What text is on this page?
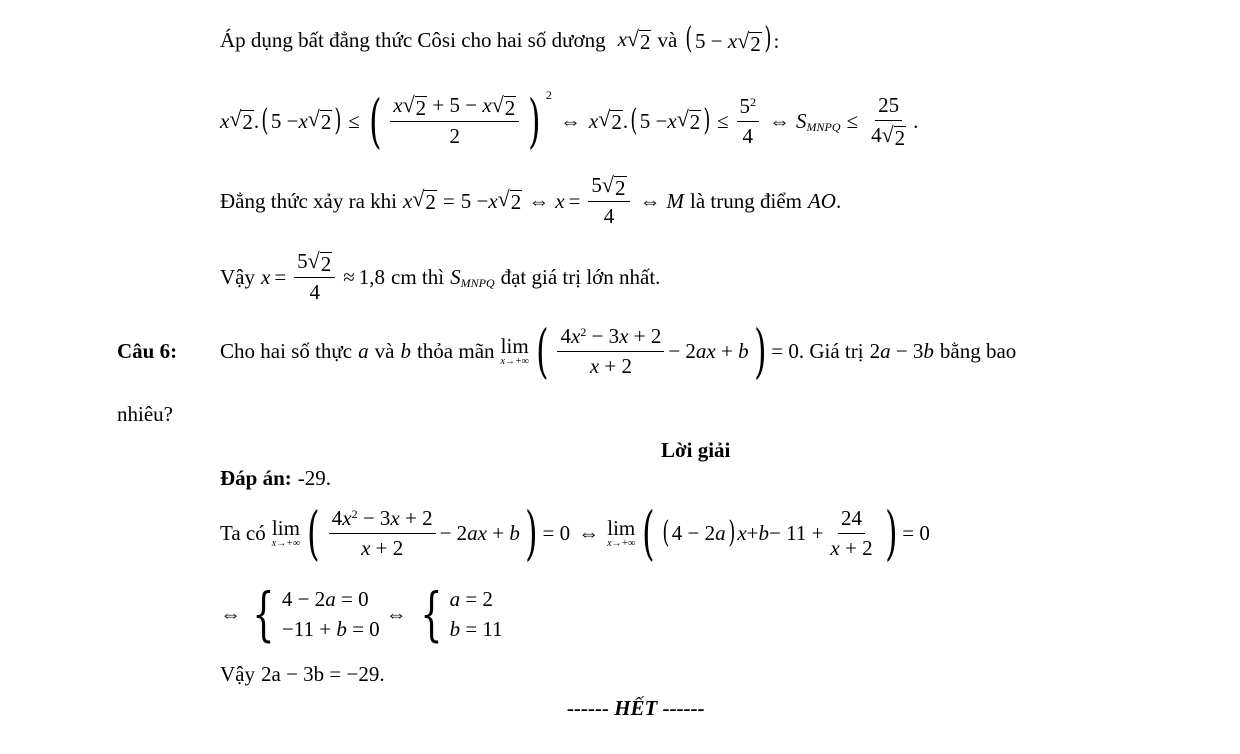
Áp dụng bất đẳng thức Côsi cho hai số dương x √ 2 và ( 5 − x √ 2 ) :
x √ 2 . ( 5 − x √ 2 ) ≤ ( $\frac{x √ 2 + 5 - x √ 2}{2}$ ) 2
⇔ x √ 2 . ( 5 − x √ 2 ) ≤ $\frac{5^2}{4}$ ⇔ S MNPQ ≤ $\frac{25}{4 √ 2}$ .
Đẳng thức xảy ra khi x √ 2 = 5 − x √ 2 ⇔ $x = \frac{5 √ 2}{4}$ ⇔ M là trung điểm AO .
Vậy $x = \frac{5 √ 2}{4} \approx 1,8$ cm thì S MNPQ đạt giá trị lớn nhất.
Câu 6:	Cho hai số thực a và b thỏa mãn lim
x→+∞ ( $\frac{4x^2 - 3x + 2}{x + 2} - 2ax + b$ ) = 0 . Giá trị 2a − 3b bằng bao
nhiêu?
Lời giải
Đáp án: -29.
Ta có lim
x→+∞ ( $\frac{4x^2 - 3x + 2}{x + 2} - 2ax + b$ ) = 0 ⇔ lim
x→+∞ ( ( 4 − 2 a ) $x + b - 11 + \frac{24}{x + 2}$ ) = 0
⇔ { 4 − 2a = 0
−11 + b = 0
⇔ { a = 2
b = 11
Vậy 2a − 3b = −29.
------ HẾT ------
